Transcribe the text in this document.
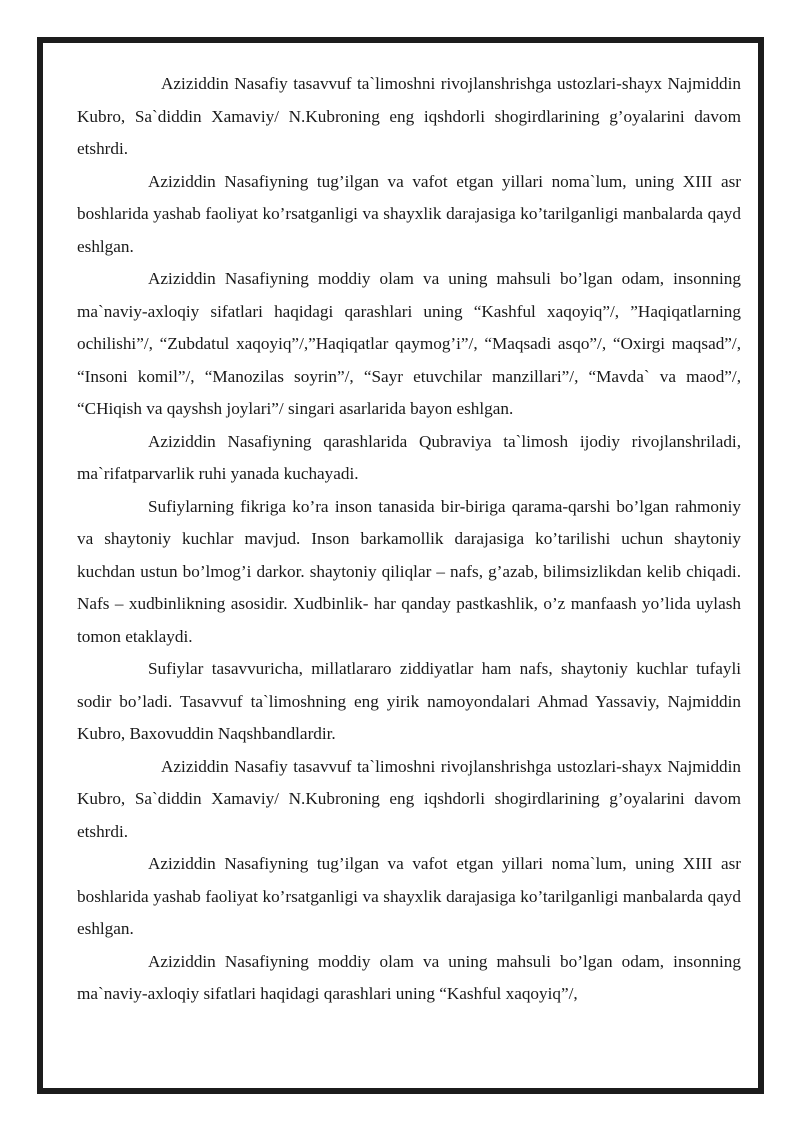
Aziziddin Nasafiy tasavvuf ta`limoshni rivojlanshrishga ustozlari-shayx Najmiddin Kubro, Sa`diddin Xamaviy/ N.Kubroning eng iqshdorli shogirdlarining g’oyalarini davom etshrdi.

Aziziddin Nasafiyning tug’ilgan va vafot etgan yillari noma`lum, uning XIII asr boshlarida yashab faoliyat ko’rsatganligi va shayxlik darajasiga ko’tarilganligi manbalarda qayd eshlgan.

Aziziddin Nasafiyning moddiy olam va uning mahsuli bo’lgan odam, insonning ma`naviy-axloqiy sifatlari haqidagi qarashlari uning “Kashful xaqoyiq”/, ”Haqiqatlarning ochilishi”/, “Zubdatul xaqoyiq”/,”Haqiqatlar qaymog’i”/, “Maqsadi asqo”/, “Oxirgi maqsad”/, “Insoni komil”/, “Manozilas soyrin”/, “Sayr etuvchilar manzillari”/, “Mavda` va maod”/, “CHiqish va qayshsh joylari”/ singari asarlarida bayon eshlgan.

Aziziddin Nasafiyning qarashlarida Qubraviya ta`limosh ijodiy rivojlanshriladi, ma`rifatparvarlik ruhi yanada kuchayadi.

Sufiylarning fikriga ko’ra inson tanasida bir-biriga qarama-qarshi bo’lgan rahmoniy va shaytoniy kuchlar mavjud. Inson barkamollik darajasiga ko’tarilishi uchun shaytoniy kuchdan ustun bo’lmog’i darkor. shaytoniy qiliqlar – nafs, g’azab, bilimsizlikdan kelib chiqadi. Nafs – xudbinlikning asosidir. Xudbinlik- har qanday pastkashlik, o’z manfaash yo’lida uylash tomon etaklaydi.

Sufiylar tasavvuricha, millatlararo ziddiyatlar ham nafs, shaytoniy kuchlar tufayli sodir bo’ladi. Tasavvuf ta`limoshning eng yirik namoyondalari Ahmad Yassaviy, Najmiddin Kubro, Baxovuddin Naqshbandlardir.

Aziziddin Nasafiy tasavvuf ta`limoshni rivojlanshrishga ustozlari-shayx Najmiddin Kubro, Sa`diddin Xamaviy/ N.Kubroning eng iqshdorli shogirdlarining g’oyalarini davom etshrdi.

Aziziddin Nasafiyning tug’ilgan va vafot etgan yillari noma`lum, uning XIII asr boshlarida yashab faoliyat ko’rsatganligi va shayxlik darajasiga ko’tarilganligi manbalarda qayd eshlgan.

Aziziddin Nasafiyning moddiy olam va uning mahsuli bo’lgan odam, insonning ma`naviy-axloqiy sifatlari haqidagi qarashlari uning “Kashful xaqoyiq”/,
